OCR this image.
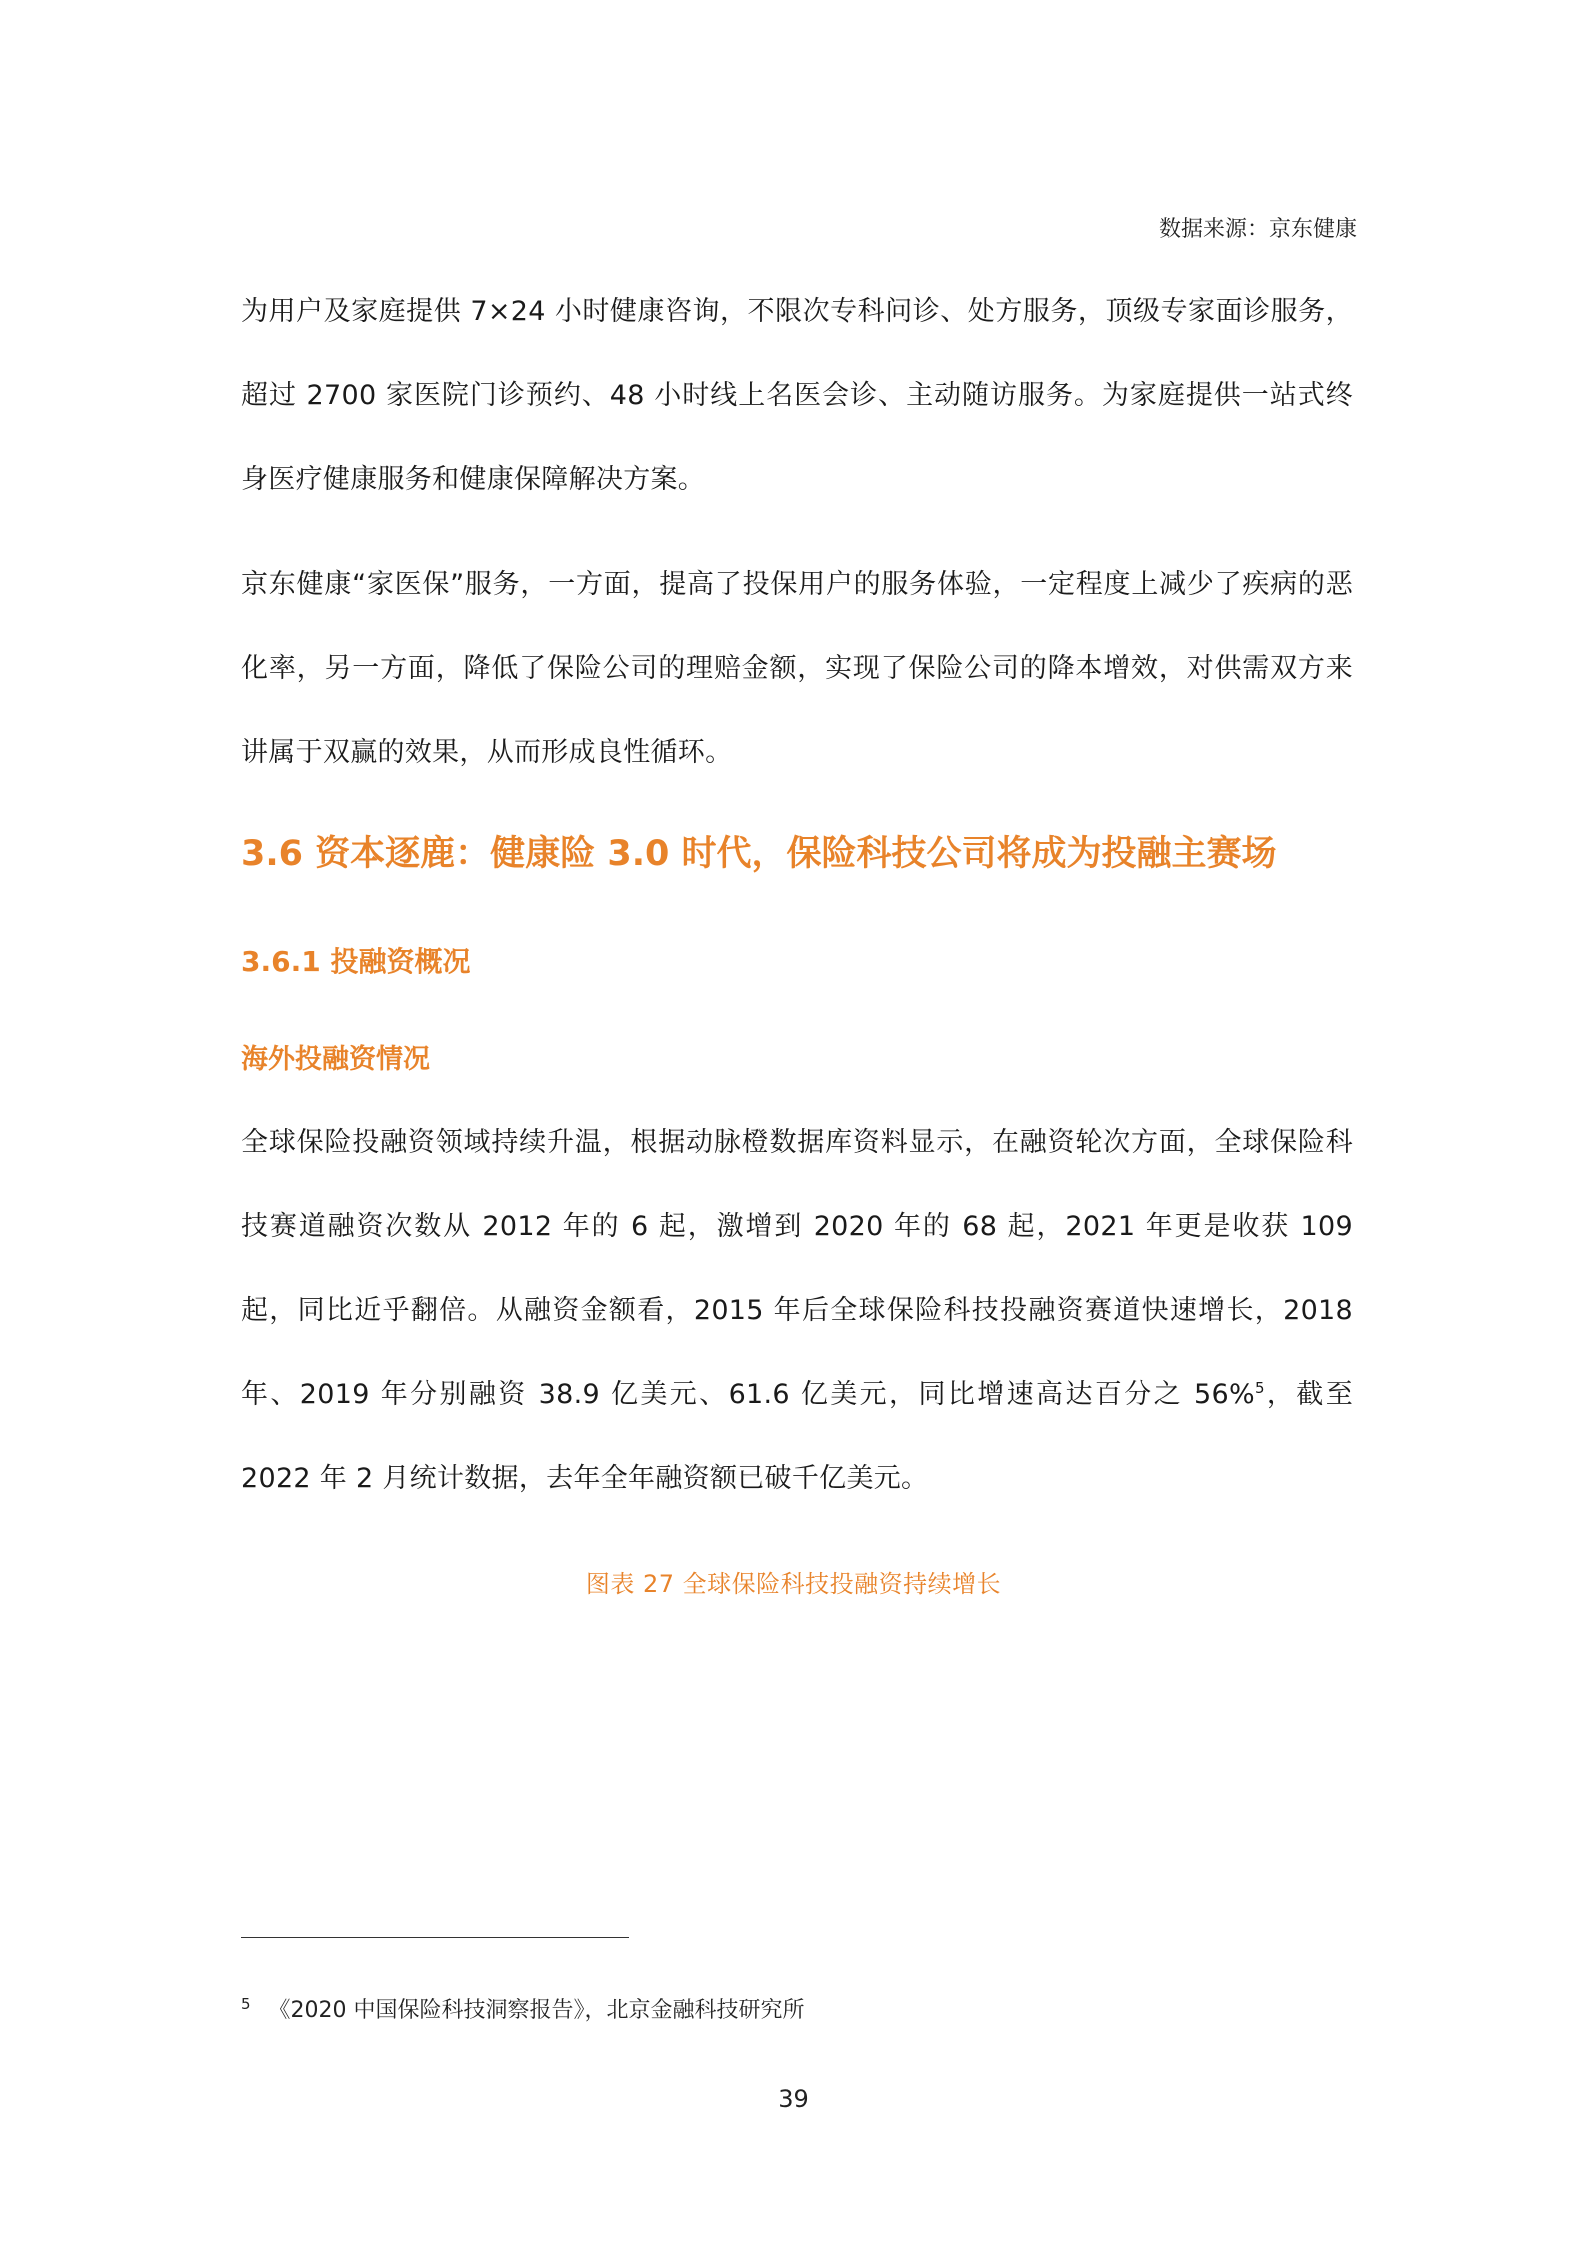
数据来源：京东健康

为用户及家庭提供 7×24 小时健康咨询，不限次专科问诊、处方服务，顶级专家面诊服务，超过 2700 家医院门诊预约、48 小时线上名医会诊、主动随访服务。为家庭提供一站式终身医疗健康服务和健康保障解决方案。

京东健康“家医保”服务，一方面，提高了投保用户的服务体验，一定程度上减少了疾病的恶化率，另一方面，降低了保险公司的理赔金额，实现了保险公司的降本增效，对供需双方来讲属于双赢的效果，从而形成良性循环。

3.6 资本逐鹿：健康险 3.0 时代，保险科技公司将成为投融主赛场
3.6.1 投融资概况
海外投融资情况

全球保险投融资领域持续升温，根据动脉橙数据库资料显示，在融资轮次方面，全球保险科技赛道融资次数从 2012 年的 6 起，激增到 2020 年的 68 起，2021 年更是收获 109 起，同比近乎翻倍。从融资金额看，2015 年后全球保险科技投融资赛道快速增长，2018 年、2019 年分别融资 38.9 亿美元、61.6 亿美元，同比增速高达百分之 56%$^5$，截至 2022 年 2 月统计数据，去年全年融资额已破千亿美元。

图表 27 全球保险科技投融资持续增长
$^5$ 《2020 中国保险科技洞察报告》，北京金融科技研究所
39
